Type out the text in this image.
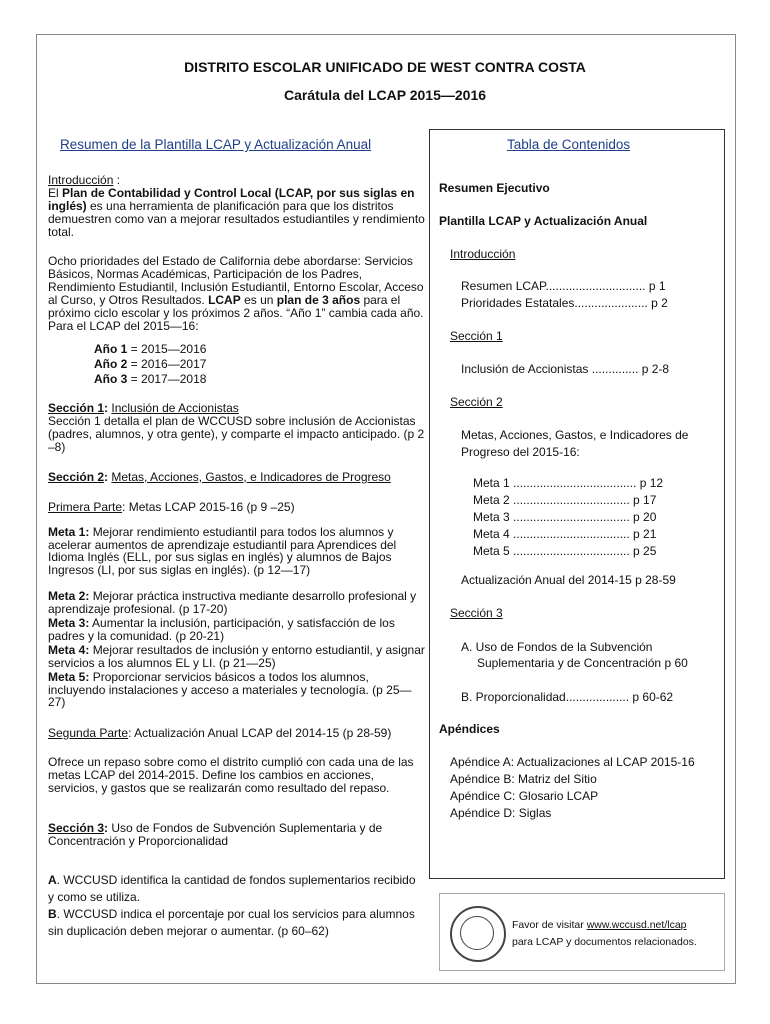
DISTRITO ESCOLAR UNIFICADO DE WEST CONTRA COSTA
Carátula del LCAP 2015—2016
Resumen de la Plantilla LCAP y Actualización Anual
Introducción :
El Plan de Contabilidad y Control Local (LCAP, por sus siglas en inglés) es una herramienta de planificación para que los distritos demuestren como van a mejorar resultados estudiantiles y rendimiento total.
Ocho prioridades del Estado de California debe abordarse: Servicios Básicos, Normas Académicas, Participación de los Padres, Rendimiento Estudiantil, Inclusión Estudiantil, Entorno Escolar, Acceso al Curso, y Otros Resultados. LCAP es un plan de 3 años para el próximo ciclo escolar y los próximos 2 años. “Año 1” cambia cada año. Para el LCAP del 2015—16:
Año 1 = 2015—2016
Año 2 = 2016—2017
Año 3 = 2017—2018
Sección 1: Inclusión de Accionistas
Sección 1 detalla el plan de WCCUSD sobre inclusión de Accionistas (padres, alumnos, y otra gente), y comparte el impacto anticipado. (p 2 –8)
Sección 2: Metas, Acciones, Gastos, e Indicadores de Progreso
Primera Parte: Metas LCAP 2015-16 (p 9 –25)
Meta 1: Mejorar rendimiento estudiantil para todos los alumnos y acelerar aumentos de aprendizaje estudiantil para Aprendices del Idioma Inglés (ELL, por sus siglas en inglés) y alumnos de Bajos Ingresos (LI, por sus siglas en inglés). (p 12—17)
Meta 2: Mejorar práctica instructiva mediante desarrollo profesional y aprendizaje profesional. (p 17-20)
Meta 3: Aumentar la inclusión, participación, y satisfacción de los padres y la comunidad. (p 20-21)
Meta 4: Mejorar resultados de inclusión y entorno estudiantil, y asignar servicios a los alumnos EL y LI. (p 21—25)
Meta 5: Proporcionar servicios básicos a todos los alumnos, incluyendo instalaciones y acceso a materiales y tecnología. (p 25—27)
Segunda Parte: Actualización Anual LCAP del 2014-15 (p 28-59)
Ofrece un repaso sobre como el distrito cumplió con cada una de las metas LCAP del 2014-2015. Define los cambios en acciones, servicios, y gastos que se realizarán como resultado del repaso.
Sección 3: Uso de Fondos de Subvención Suplementaria y de Concentración y Proporcionalidad
A. WCCUSD identifica la cantidad de fondos suplementarios recibido y como se utiliza.
B. WCCUSD indica el porcentaje por cual los servicios para alumnos sin duplicación deben mejorar o aumentar. (p 60–62)
Tabla de Contenidos
Resumen Ejecutivo
Plantilla LCAP y Actualización Anual
Introducción
Resumen LCAP.............................. p 1
Prioridades Estatales...................... p 2
Sección 1
Inclusión de Accionistas .............. p 2-8
Sección 2
Metas, Acciones, Gastos, e Indicadores de Progreso del 2015-16:
Meta 1 ..................................... p 12
Meta 2 ................................... p 17
Meta 3 ................................... p 20
Meta 4 ................................... p 21
Meta 5 ................................... p 25
Actualización Anual del 2014-15 p 28-59
Sección 3
A. Uso de Fondos de la Subvención
Suplementaria y de Concentración p 60
B. Proporcionalidad................... p 60-62
Apéndices
Apéndice A: Actualizaciones al LCAP 2015-16
Apéndice B: Matriz del Sitio
Apéndice C: Glosario LCAP
Apéndice D: Siglas
Favor de visitar www.wccusd.net/lcap
para LCAP y documentos relacionados.
